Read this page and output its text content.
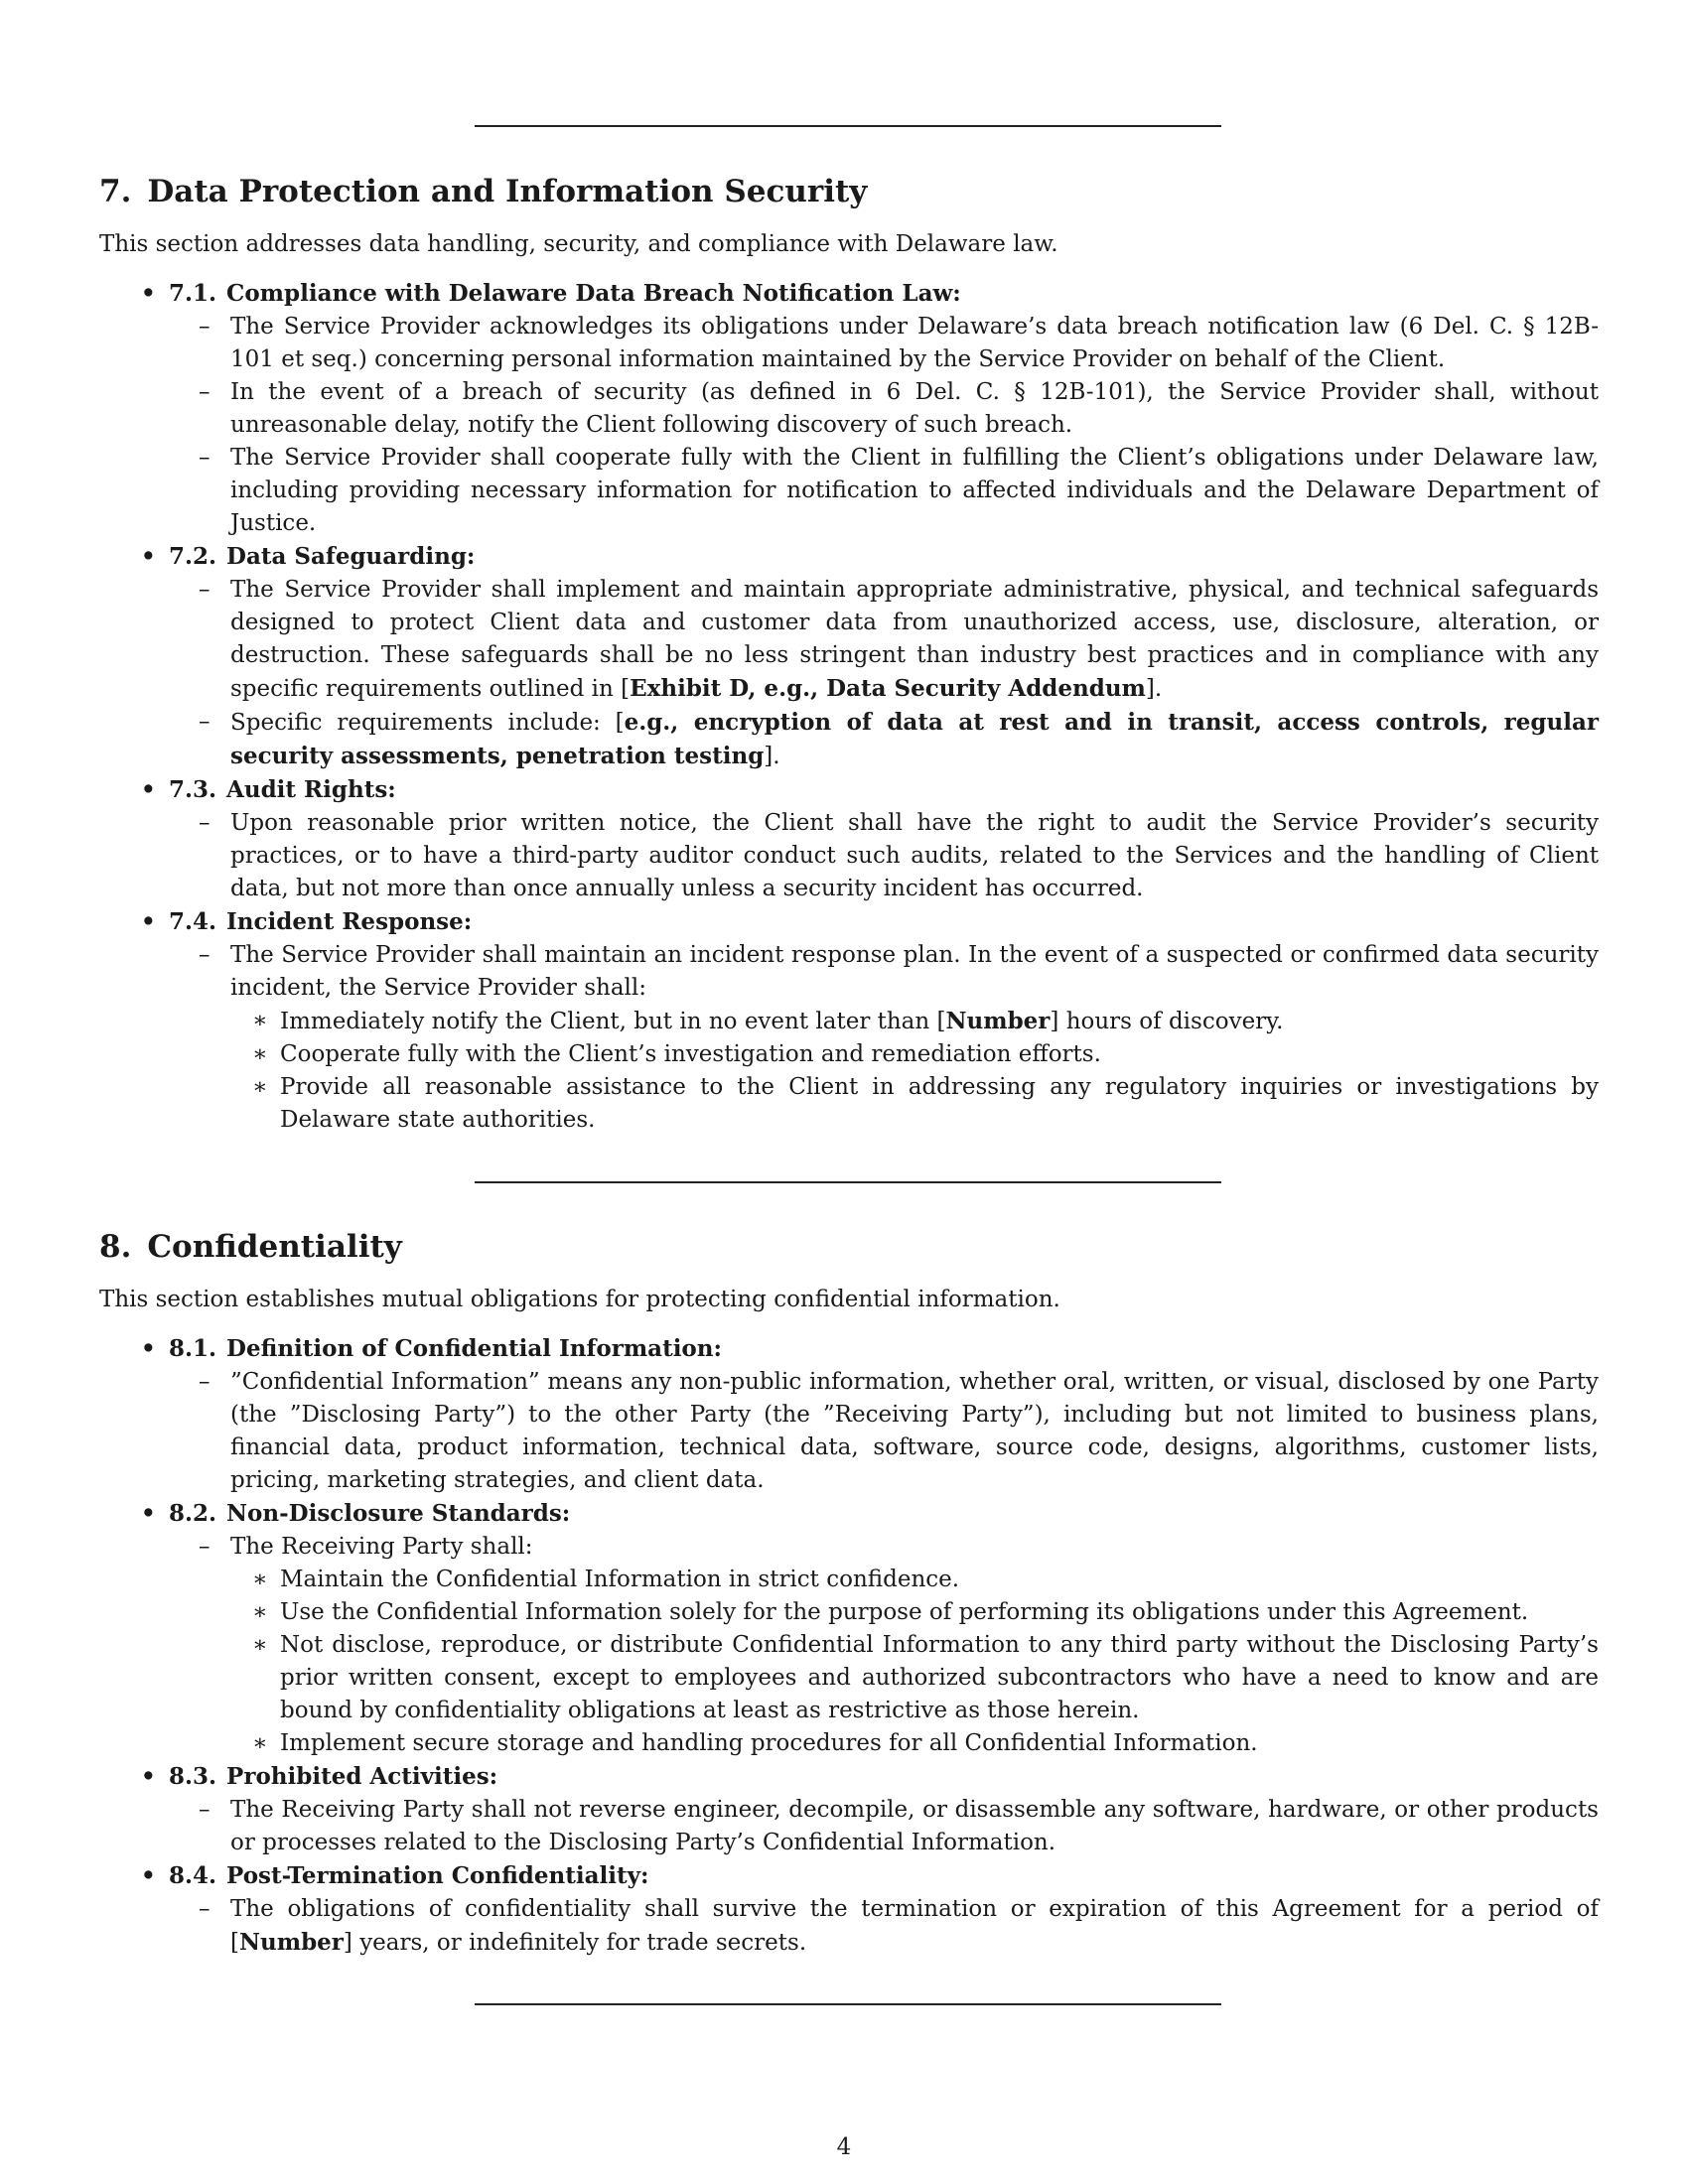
7. Data Protection and Information Security

This section addresses data handling, security, and compliance with Delaware law.

• 7.1. Compliance with Delaware Data Breach Notification Law:
– The Service Provider acknowledges its obligations under Delaware’s data breach notification law (6 Del. C. § 12B-101 et seq.) concerning personal information maintained by the Service Provider on behalf of the Client.
– In the event of a breach of security (as defined in 6 Del. C. § 12B-101), the Service Provider shall, without unreasonable delay, notify the Client following discovery of such breach.
– The Service Provider shall cooperate fully with the Client in fulfilling the Client’s obligations under Delaware law, including providing necessary information for notification to affected individuals and the Delaware Department of Justice.
• 7.2. Data Safeguarding:
– The Service Provider shall implement and maintain appropriate administrative, physical, and technical safeguards designed to protect Client data and customer data from unauthorized access, use, disclosure, alteration, or destruction. These safeguards shall be no less stringent than industry best practices and in compliance with any specific requirements outlined in [Exhibit D, e.g., Data Security Addendum].
– Specific requirements include: [e.g., encryption of data at rest and in transit, access controls, regular security assessments, penetration testing].
• 7.3. Audit Rights:
– Upon reasonable prior written notice, the Client shall have the right to audit the Service Provider’s security practices, or to have a third-party auditor conduct such audits, related to the Services and the handling of Client data, but not more than once annually unless a security incident has occurred.
• 7.4. Incident Response:
– The Service Provider shall maintain an incident response plan. In the event of a suspected or confirmed data security incident, the Service Provider shall:
∗ Immediately notify the Client, but in no event later than [Number] hours of discovery.
∗ Cooperate fully with the Client’s investigation and remediation efforts.
∗ Provide all reasonable assistance to the Client in addressing any regulatory inquiries or investigations by Delaware state authorities.
8. Confidentiality

This section establishes mutual obligations for protecting confidential information.

• 8.1. Definition of Confidential Information:
– ”Confidential Information” means any non-public information, whether oral, written, or visual, disclosed by one Party (the ”Disclosing Party”) to the other Party (the ”Receiving Party”), including but not limited to business plans, financial data, product information, technical data, software, source code, designs, algorithms, customer lists, pricing, marketing strategies, and client data.
• 8.2. Non-Disclosure Standards:
– The Receiving Party shall:
∗ Maintain the Confidential Information in strict confidence.
∗ Use the Confidential Information solely for the purpose of performing its obligations under this Agreement.
∗ Not disclose, reproduce, or distribute Confidential Information to any third party without the Disclosing Party’s prior written consent, except to employees and authorized subcontractors who have a need to know and are bound by confidentiality obligations at least as restrictive as those herein.
∗ Implement secure storage and handling procedures for all Confidential Information.
• 8.3. Prohibited Activities:
– The Receiving Party shall not reverse engineer, decompile, or disassemble any software, hardware, or other products or processes related to the Disclosing Party’s Confidential Information.
• 8.4. Post-Termination Confidentiality:
– The obligations of confidentiality shall survive the termination or expiration of this Agreement for a period of [Number] years, or indefinitely for trade secrets.
4
